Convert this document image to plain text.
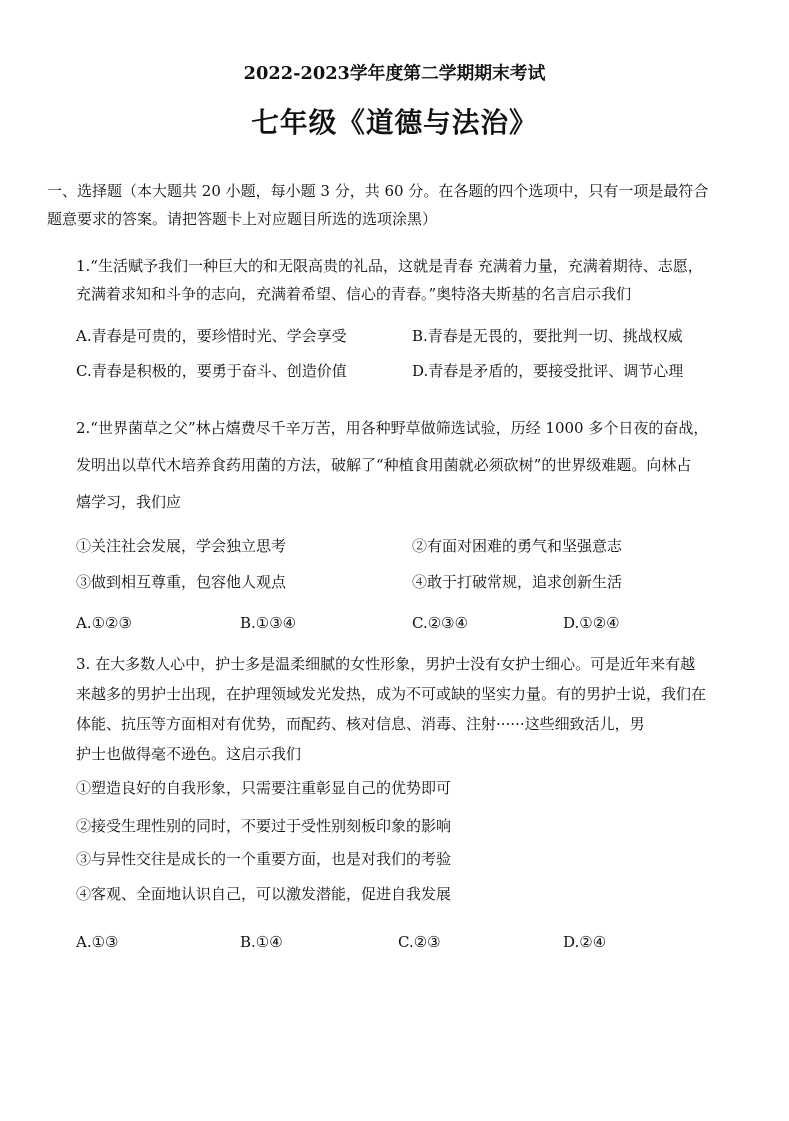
2022-2023学年度第二学期期末考试
七年级《道德与法治》
一、选择题（本大题共 20 小题，每小题 3 分，共 60 分。在各题的四个选项中，只有一项是最符合
题意要求的答案。请把答题卡上对应题目所选的选项涂黑）
1.“生活赋予我们一种巨大的和无限高贵的礼品，这就是青春 充满着力量，充满着期待、志愿，
充满着求知和斗争的志向，充满着希望、信心的青春。”奥特洛夫斯基的名言启示我们
A.青春是可贵的，要珍惜时光、学会享受	B.青春是无畏的，要批判一切、挑战权威
C.青春是积极的，要勇于奋斗、创造价值	D.青春是矛盾的，要接受批评、调节心理
2.“世界菌草之父”林占熺费尽千辛万苦，用各种野草做筛选试验，历经 1000 多个日夜的奋战，
发明出以草代木培养食药用菌的方法，破解了“种植食用菌就必须砍树”的世界级难题。向林占
熺学习，我们应
①关注社会发展，学会独立思考	②有面对困难的勇气和坚强意志
③做到相互尊重，包容他人观点	④敢于打破常规，追求创新生活
A.①②③	B.①③④	C.②③④	D.①②④
3. 在大多数人心中，护士多是温柔细腻的女性形象，男护士没有女护士细心。可是近年来有越
来越多的男护士出现，在护理领域发光发热，成为不可或缺的坚实力量。有的男护士说，我们在
体能、抗压等方面相对有优势，而配药、核对信息、消毒、注射······这些细致活儿，男
护士也做得毫不逊色。这启示我们
①塑造良好的自我形象，只需要注重彰显自己的优势即可
②接受生理性别的同时，不要过于受性别刻板印象的影响
③与异性交往是成长的一个重要方面，也是对我们的考验
④客观、全面地认识自己，可以激发潜能，促进自我发展
A.①③	B.①④	C.②③	D.②④
